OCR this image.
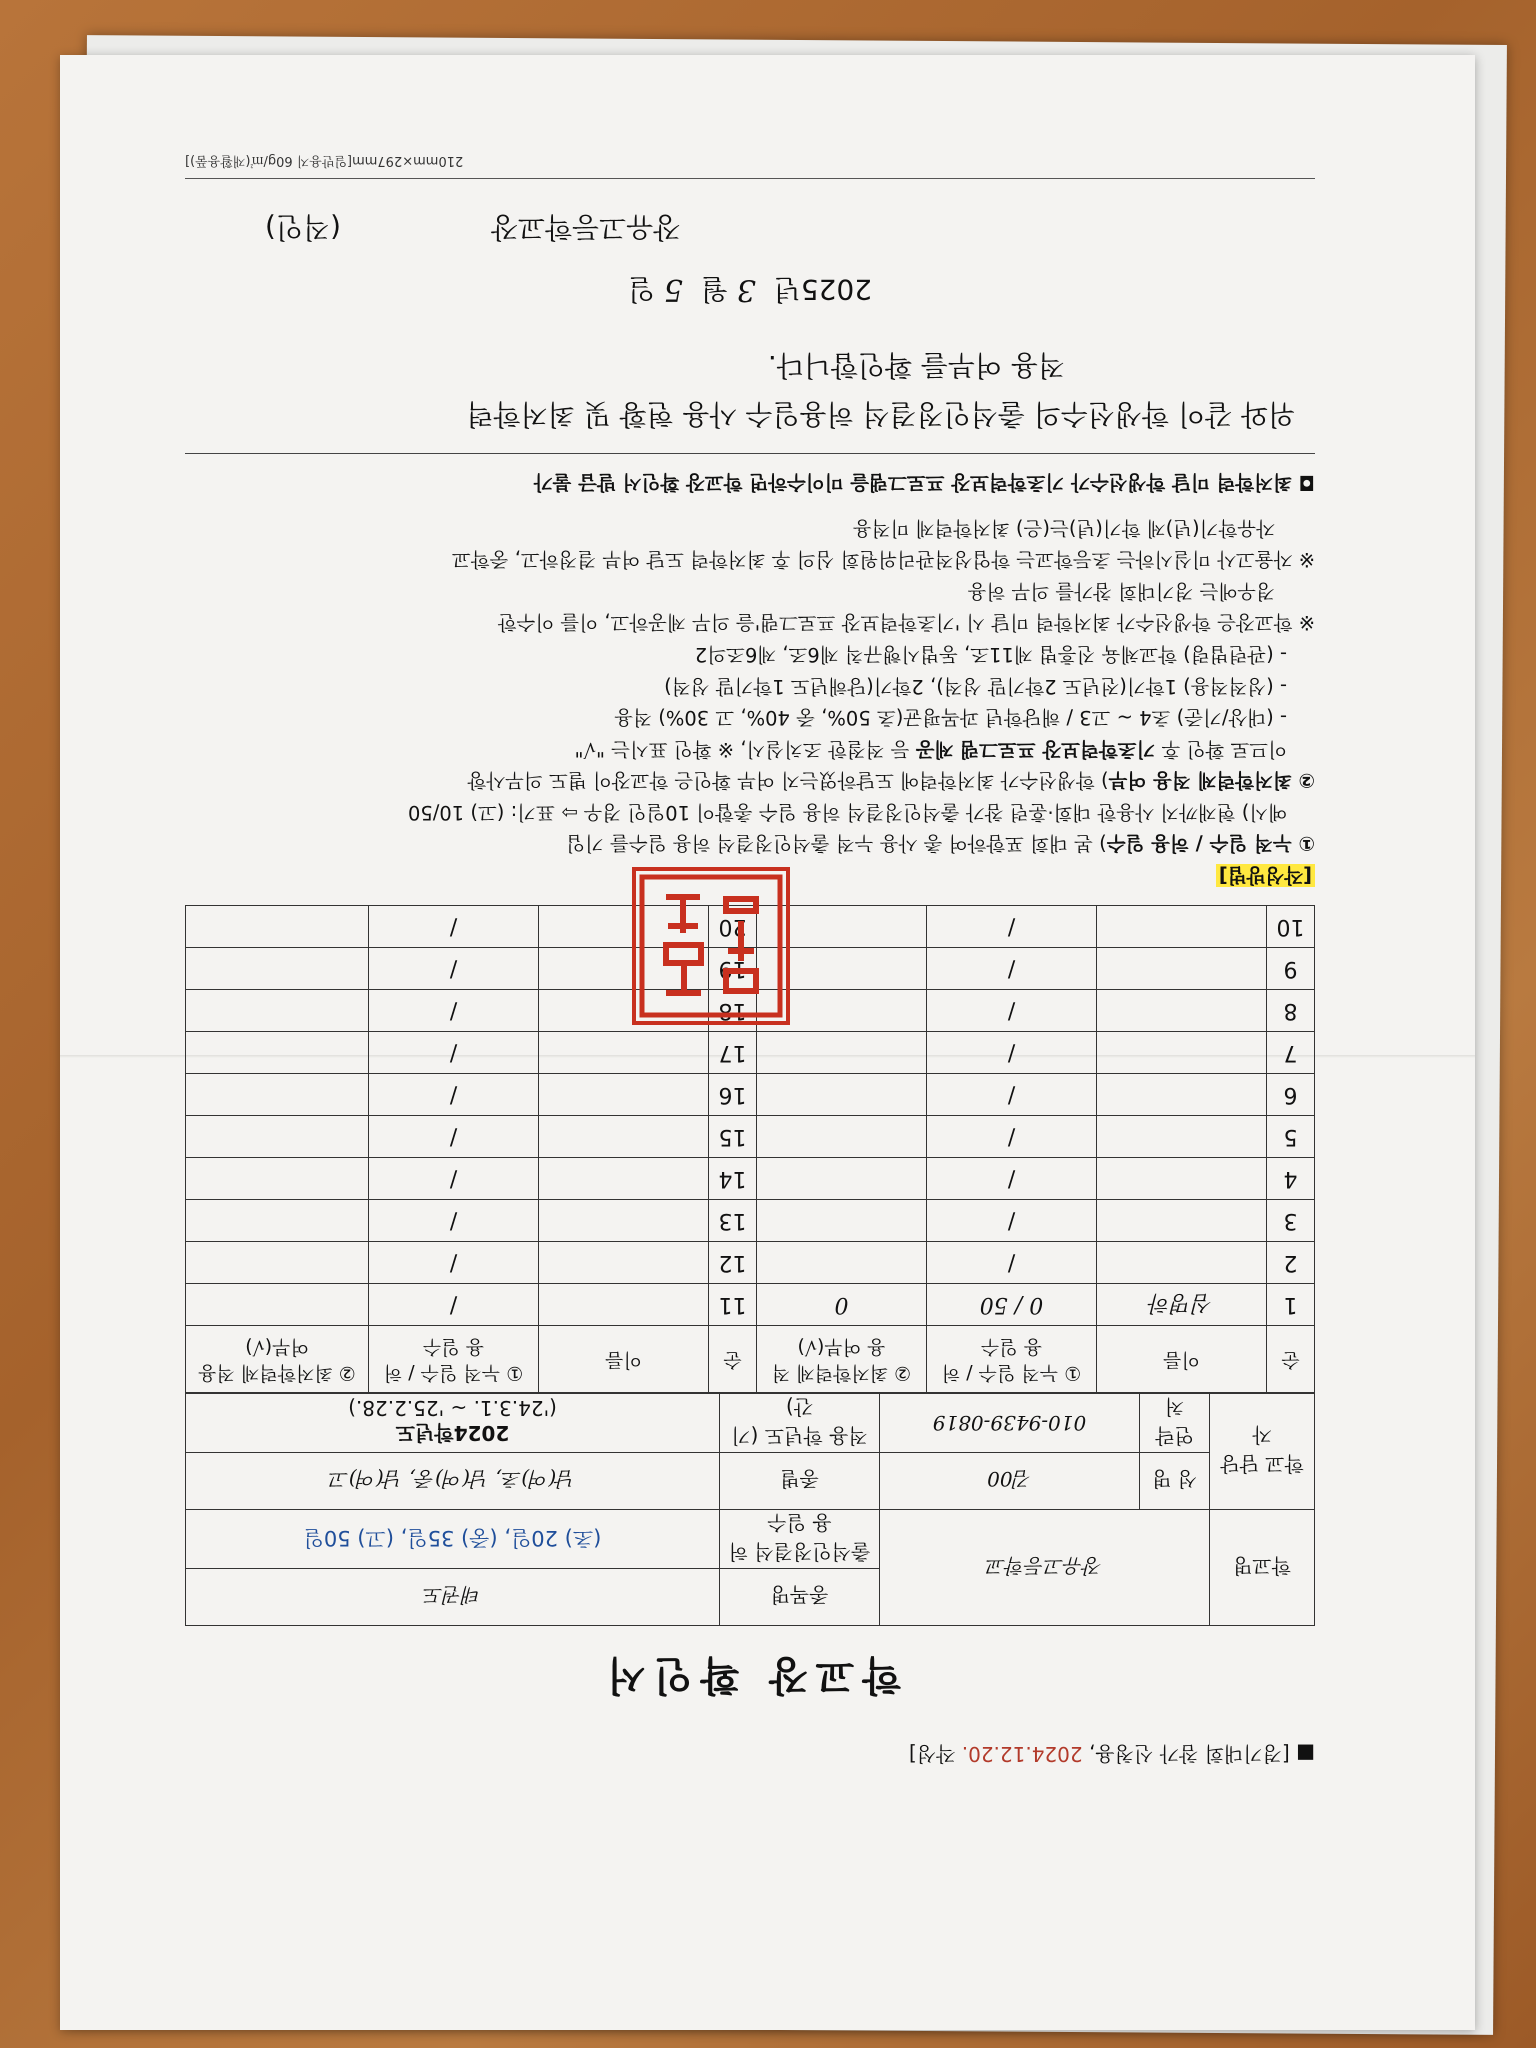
■ [경기대회 참가 신청용, 2024.12.20. 작성]
학교장 확인서
학교명	장유고등학교		종목명	태권도
			출석인정결석 허용 일수	(초) 20일, (중) 35일, (고) 50일
학교 담당자	성 명	김00	종별	남(여)초, 남(여)중, 남(여)고
	연락처	010-9439-0819	적용 학년도 (기간)	2024학년도
('24.3.1. ~ '25.2.28.)
순	이름	① 누적 일수 / 허용 일수	② 최저학력제 적용 여부(√)	순	이름	① 누적 일수 / 허용 일수	② 최저학력제 적용 여부(√)
1	심명하	0 / 50	0	11		/	
2		/		12		/	
3		/		13		/	
4		/		14		/	
5		/		15		/	
6		/		16		/	
7		/		17		/	
8		/		18		/	
9		/		19		/	
10		/		20		/	

[작성방법]

① 누적 일수 / 허용 일수) 본 대회 포함하여 총 사용 누적 출석인정결석 허용 일수를 기입

예시) 현재까지 사용한 대회·훈련 참가 출석인정결석 허용 일수 총합이 10일인 경우 ⇨ 표기: (고) 10/50

② 최저학력제 적용 여부) 학생선수가 최저학력에 도달하였는지 여부 확인은 학교장이 별도 의무사항

이므로 확인 후 기초학력보장 프로그램 제공 등 적절한 조치실시, ※ 확인 표시는 "√"

- (대상/기준) 초4 ~ 고3 / 해당학년 과목평균(초 50%, 중 40%, 고 30%) 적용

- (성적적용) 1학기(전년도 2학기말 성적), 2학기(당해년도 1학기말 성적)

- (관련법령) 학교체육 진흥법 제11조, 동법시행규칙 제6조, 제6조의2

※ 학교장은 학생선수가 최저학력 미달 시 '기초학력보장 프로그램'을 의무 제공하고, 이를 이수한

경우에는 경기대회 참가를 의무 허용

※ 자율고사 미실시하는 초등학교는 학업성적관리위원회 심의 후 최저학력 도달 여부 결정하고, 중학교

자유학기(년)제 학기(년)는(은) 최저학력제 미적용

◘ 최저학력 미달 학생선수가 기초학력보장 프로그램을 미이수하면 학교장 확인서 발급 불가

위와 같이 학생선수의 출석인정결석 허용일수 사용 현황 및 최저학력
적용 여부를 확인합니다.
2025년  3 월  5 일
장유고등학교장
(직인)
210mm×297mm[일반용지 60g/㎡(재활용품)]
